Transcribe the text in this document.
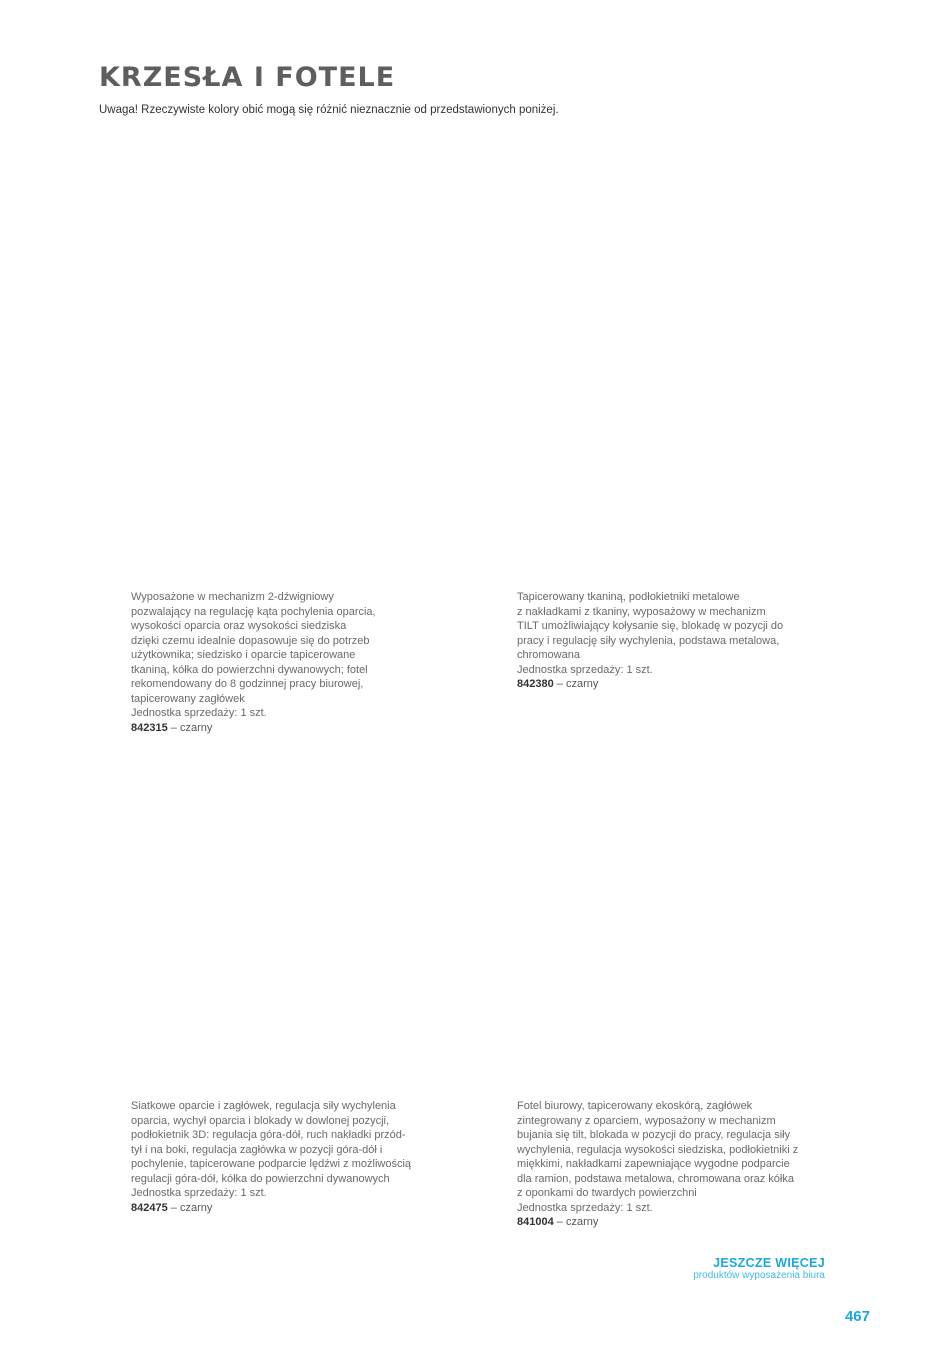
KRZESŁA I FOTELE

Uwaga! Rzeczywiste kolory obić mogą się różnić nieznacznie od przedstawionych poniżej.

Wyposażone w mechanizm 2-dźwigniowy
pozwalający na regulację kąta pochylenia oparcia,
wysokości oparcia oraz wysokości siedziska
dzięki czemu idealnie dopasowuje się do potrzeb
użytkownika; siedzisko i oparcie tapicerowane
tkaniną, kółka do powierzchni dywanowych; fotel
rekomendowany do 8 godzinnej pracy biurowej,
tapicerowany zagłówek

Jednostka sprzedaży: 1 szt.

842315 – czarny

Tapicerowany tkaniną, podłokietniki metalowe
z nakładkami z tkaniny, wyposażowy w mechanizm
TILT umożliwiający kołysanie się, blokadę w pozycji do
pracy i regulację siły wychylenia, podstawa metalowa,
chromowana

Jednostka sprzedaży: 1 szt.

842380 – czarny

Siatkowe oparcie i zagłówek, regulacja siły wychylenia
oparcia, wychył oparcia i blokady w dowlonej pozycji,
podłokietnik 3D: regulacja góra-dół, ruch nakładki przód-
tył i na boki, regulacja zagłówka w pozycji góra-dół i
pochylenie, tapicerowane podparcie lędźwi z możliwością
regulacji góra-dół, kółka do powierzchni dywanowych

Jednostka sprzedaży: 1 szt.

842475 – czarny

Fotel biurowy, tapicerowany ekoskórą, zagłówek
zintegrowany z oparciem, wyposażony w mechanizm
bujania się tilt, blokada w pozycji do pracy, regulacja siły
wychylenia, regulacja wysokości siedziska, podłokietniki z
miękkimi, nakładkami zapewniające wygodne podparcie
dla ramion, podstawa metalowa, chromowana oraz kółka
z oponkami do twardych powierzchni

Jednostka sprzedaży: 1 szt.

841004 – czarny

JESZCZE WIĘCEJ
produktów wyposażenia biura
467
